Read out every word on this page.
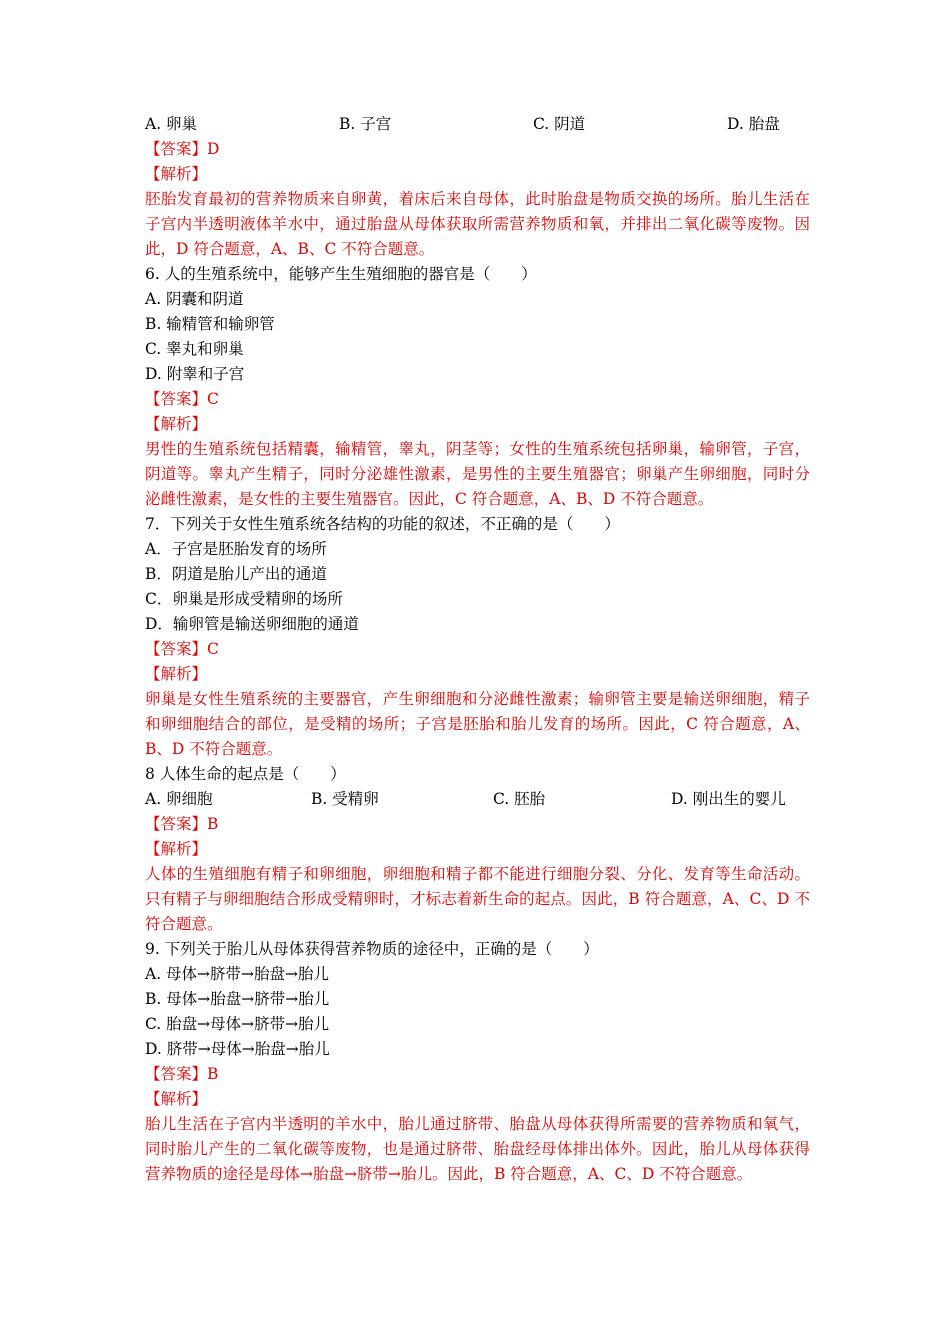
A. 卵巢	B. 子宫	C. 阴道	D. 胎盘
【答案】D
【解析】
胚胎发育最初的营养物质来自卵黄，着床后来自母体，此时胎盘是物质交换的场所。胎儿生活在子宫内半透明液体羊水中，通过胎盘从母体获取所需营养物质和氧，并排出二氧化碳等废物。因此，D 符合题意，A、B、C 不符合题意。
6. 人的生殖系统中，能够产生生殖细胞的器官是（　　）
A. 阴囊和阴道
B. 输精管和输卵管
C. 睾丸和卵巢
D. 附睾和子宫
【答案】C
【解析】
男性的生殖系统包括精囊，输精管，睾丸，阴茎等；女性的生殖系统包括卵巢，输卵管，子宫，阴道等。睾丸产生精子，同时分泌雄性激素，是男性的主要生殖器官；卵巢产生卵细胞，同时分泌雌性激素，是女性的主要生殖器官。因此，C 符合题意，A、B、D 不符合题意。
7．下列关于女性生殖系统各结构的功能的叙述，不正确的是（　　）
A．子宫是胚胎发育的场所
B．阴道是胎儿产出的通道
C．卵巢是形成受精卵的场所
D．输卵管是输送卵细胞的通道
【答案】C
【解析】
卵巢是女性生殖系统的主要器官，产生卵细胞和分泌雌性激素；输卵管主要是输送卵细胞，精子和卵细胞结合的部位，是受精的场所；子宫是胚胎和胎儿发育的场所。因此，C 符合题意，A、B、D 不符合题意。
8 人体生命的起点是（　　）
A. 卵细胞	B. 受精卵	C. 胚胎	D. 刚出生的婴儿
【答案】B
【解析】
人体的生殖细胞有精子和卵细胞，卵细胞和精子都不能进行细胞分裂、分化、发育等生命活动。只有精子与卵细胞结合形成受精卵时，才标志着新生命的起点。因此，B 符合题意，A、C、D 不符合题意。
9. 下列关于胎儿从母体获得营养物质的途径中，正确的是（　　）
A. 母体→脐带→胎盘→胎儿
B. 母体→胎盘→脐带→胎儿
C. 胎盘→母体→脐带→胎儿
D. 脐带→母体→胎盘→胎儿
【答案】B
【解析】
胎儿生活在子宫内半透明的羊水中，胎儿通过脐带、胎盘从母体获得所需要的营养物质和氧气，同时胎儿产生的二氧化碳等废物，也是通过脐带、胎盘经母体排出体外。因此，胎儿从母体获得营养物质的途径是母体→胎盘→脐带→胎儿。因此，B 符合题意，A、C、D 不符合题意。
